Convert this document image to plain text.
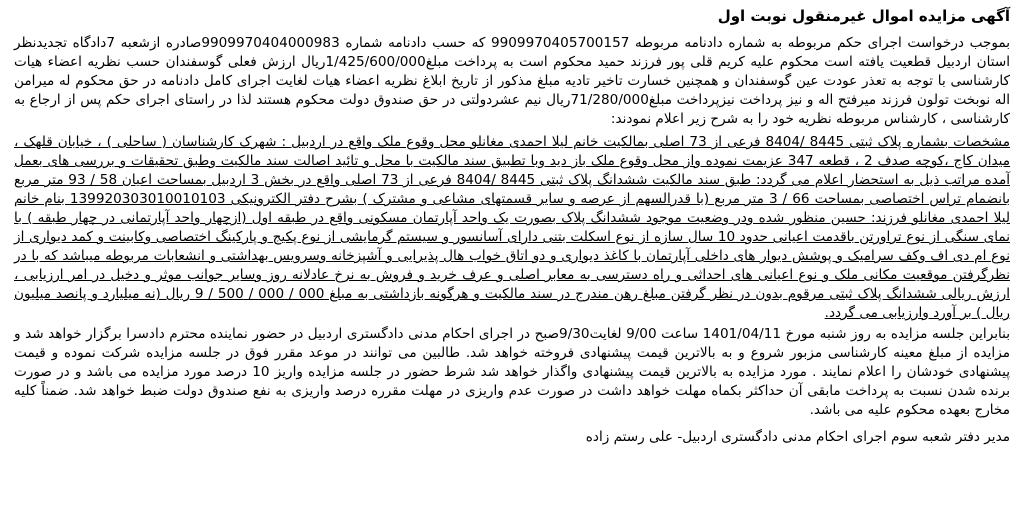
آگهی مزایده اموال غیرمنقول نوبت اول

بموجب درخواست اجرای حکم مربوطه به شماره دادنامه مربوطه 9909970405700157 که حسب دادنامه شماره 9909970404000983صادره ازشعبه 7دادگاه تجدیدنظر استان اردبیل قطعیت یافته است محکوم علیه کریم قلی پور فرزند حمید محکوم است به پرداخت مبلغ1/425/600/000ریال ارزش فعلی گوسفندان حسب نظریه اعضاء هیات کارشناسی با توجه به تعذر عودت عین گوسفندان و همچنین خسارت تاخیر تادیه مبلغ مذکور از تاریخ ابلاغ نظریه اعضاء هیات لغایت اجرای کامل دادنامه در حق محکوم له میرامن اله نوبخت تولون فرزند میرفتح اله و نیز پرداخت نیزپرداخت مبلغ71/280/000ریال نیم عشردولتی در حق صندوق دولت محکوم هستند لذا در راستای اجرای حکم پس از ارجاع به کارشناسی ، کارشناس مربوطه نظریه خود را به شرح زیر اعلام نمودند:

مشخصات بشماره پلاک ثبتی 8445 /8404 فرعی از 73 اصلی بمالکیت خانم لیلا احمدی مغانلو محل وقوع ملک واقع در اردبیل : شهرک کارشناسان ( ساحلی ) ، خیابان قلهک ، میدان کاج ،کوچه صدف 2 ، قطعه 347 عزیمت نموده واز محل وقوع ملک باز دید وبا تطبیق سند مالکیت با محل و تائید اصالت سند مالکیت وطبق تحقیقات و بررسی های بعمل آمده مراتب ذیل به استحضار اعلام می گردد: طبق سند مالکیت ششدانگ پلاک ثبتی 8445 /8404 فرعی از 73 اصلی واقع در بخش 3 اردبیل بمساحت اعیان 58 / 93 متر مربع بانضمام تراس اختصاصی بمساحت 66 / 3 متر مربع (با قدرالسهم از عرصه و سایر قسمتهای مشاعی و مشترک ) بشرح دفتر الکترونیکی 139920303010010103 بنام خانم لیلا احمدی مغانلو فرزند: حسین منظور شده ودر وضعیت موجود ششدانگ پلاک بصورت یک واحد آپارتمان مسکونی واقع در طبقه اول (ازچهار واحد آپارتمانی در چهار طبقه ) با نمای سنگی از نوع تراورتن باقدمت اعیانی حدود 10 سال سازه از نوع اسکلت بتنی دارای آسانسور و سیستم گرمایشی از نوع پکیج و پارکینگ اختصاصی وکابینت و کمد دیواری از نوع ام دی اف وکف سرامیک و پوشش دیوار های داخلی آپارتمان با کاغذ دیواری و دو اتاق خواب هال پذیرایی و آشپزخانه وسرویس بهداشتی و انشعابات مربوطه میباشد که با در نظرگرفتن موقعیت مکانی ملک و نوع اعیانی های احداثی و راه دسترسی به معابر اصلی و عرف خرید و فروش به نرخ عادلانه روز وسایر جوانب موثر و دخیل در امر ارزیابی ، ارزش ریالی ششدانگ پلاک ثبتی مرقوم بدون در نظر گرفتن مبلغ رهن مندرج در سند مالکیت و هرگونه بازداشتی به مبلغ 000 / 000 / 500 / 9 ریال (نه میلیارد و پانصد میلیون ریال ) بر آورد وارزیابی می گردد.

بنابراین جلسه مزایده به روز شنبه مورخ 1401/04/11 ساعت 9/00 لغایت9/30صبح در اجرای احکام مدنی دادگستری اردبیل در حضور نماینده محترم دادسرا برگزار خواهد شد و مزایده از مبلغ معینه کارشناسی مزبور شروع و به بالاترین قیمت پیشنهادی فروخته خواهد شد. طالبین می توانند در موعد مقرر فوق در جلسه مزایده شرکت نموده و قیمت پیشنهادی خودشان را اعلام نمایند . مورد مزایده به بالاترین قیمت پیشنهادی واگذار خواهد شد شرط حضور در جلسه مزایده واریز 10 درصد مورد مزایده می باشد و در صورت برنده شدن نسبت به پرداخت مابقی آن حداکثر بکماه مهلت خواهد داشت در صورت عدم واریزی در مهلت مقرره درصد واریزی به نفع صندوق دولت ضبط خواهد شد. ضمناً کلیه مخارج بعهده محکوم علیه می باشد.

مدیر دفتر شعبه سوم اجرای احکام مدنی دادگستری اردبیل- علی رستم زاده
